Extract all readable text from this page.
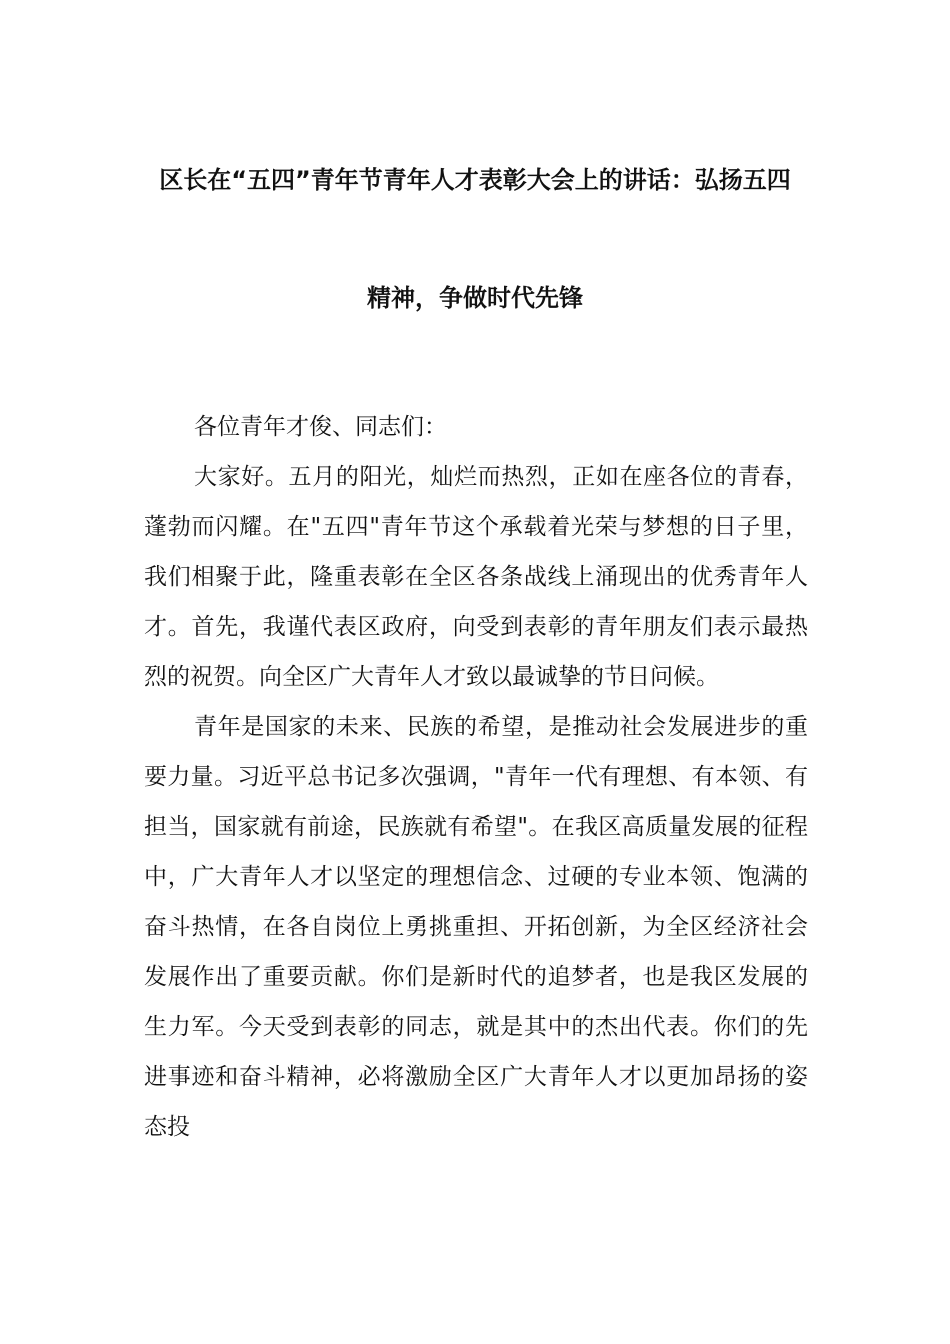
区长在“五四”青年节青年人才表彰大会上的讲话：弘扬五四
精神，争做时代先锋

各位青年才俊、同志们：

大家好。五月的阳光，灿烂而热烈，正如在座各位的青春，蓬勃而闪耀。在"五四"青年节这个承载着光荣与梦想的日子里，我们相聚于此，隆重表彰在全区各条战线上涌现出的优秀青年人才。首先，我谨代表区政府，向受到表彰的青年朋友们表示最热烈的祝贺。向全区广大青年人才致以最诚挚的节日问候。

青年是国家的未来、民族的希望，是推动社会发展进步的重要力量。习近平总书记多次强调，"青年一代有理想、有本领、有担当，国家就有前途，民族就有希望"。在我区高质量发展的征程中，广大青年人才以坚定的理想信念、过硬的专业本领、饱满的奋斗热情，在各自岗位上勇挑重担、开拓创新，为全区经济社会发展作出了重要贡献。你们是新时代的追梦者，也是我区发展的生力军。今天受到表彰的同志，就是其中的杰出代表。你们的先进事迹和奋斗精神，必将激励全区广大青年人才以更加昂扬的姿态投
